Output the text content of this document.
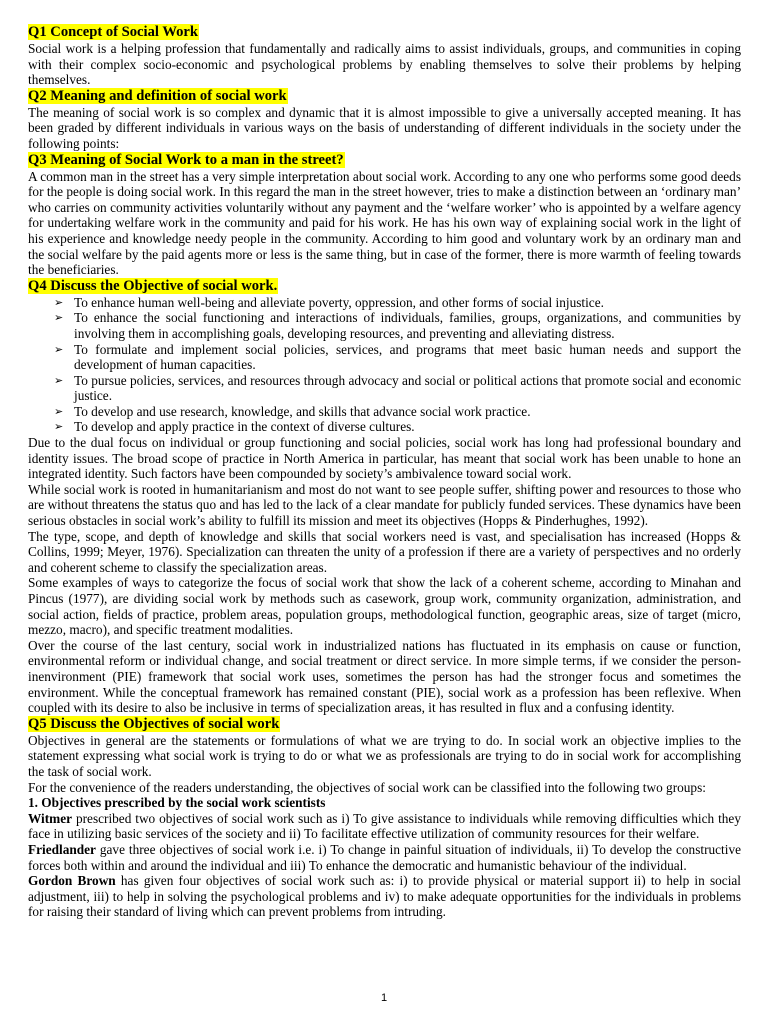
Q1 Concept of Social Work

Social work is a helping profession that fundamentally and radically aims to assist individuals, groups, and communities in coping with their complex socio-economic and psychological problems by enabling themselves to solve their problems by helping themselves.

Q2 Meaning and definition of social work

The meaning of social work is so complex and dynamic that it is almost impossible to give a universally accepted meaning. It has been graded by different individuals in various ways on the basis of understanding of different individuals in the society under the following points:

Q3 Meaning of Social Work to a man in the street?

A common man in the street has a very simple interpretation about social work. According to any one who performs some good deeds for the people is doing social work. In this regard the man in the street however, tries to make a distinction between an ‘ordinary man’ who carries on community activities voluntarily without any payment and the ‘welfare worker’ who is appointed by a welfare agency for undertaking welfare work in the community and paid for his work. He has his own way of explaining social work in the light of his experience and knowledge needy people in the community. According to him good and voluntary work by an ordinary man and the social welfare by the paid agents more or less is the same thing, but in case of the former, there is more warmth of feeling towards the beneficiaries.

Q4 Discuss the Objective of social work.
➢ To enhance human well-being and alleviate poverty, oppression, and other forms of social injustice.
➢ To enhance the social functioning and interactions of individuals, families, groups, organizations, and communities by involving them in accomplishing goals, developing resources, and preventing and alleviating distress.
➢ To formulate and implement social policies, services, and programs that meet basic human needs and support the development of human capacities.
➢ To pursue policies, services, and resources through advocacy and social or political actions that promote social and economic justice.
➢ To develop and use research, knowledge, and skills that advance social work practice.
➢ To develop and apply practice in the context of diverse cultures.

Due to the dual focus on individual or group functioning and social policies, social work has long had professional boundary and identity issues. The broad scope of practice in North America in particular, has meant that social work has been unable to hone an integrated identity. Such factors have been compounded by society’s ambivalence toward social work.

While social work is rooted in humanitarianism and most do not want to see people suffer, shifting power and resources to those who are without threatens the status quo and has led to the lack of a clear mandate for publicly funded services. These dynamics have been serious obstacles in social work’s ability to fulfill its mission and meet its objectives (Hopps & Pinderhughes, 1992).

The type, scope, and depth of knowledge and skills that social workers need is vast, and specialisation has increased (Hopps & Collins, 1999; Meyer, 1976). Specialization can threaten the unity of a profession if there are a variety of perspectives and no orderly and coherent scheme to classify the specialization areas.

Some examples of ways to categorize the focus of social work that show the lack of a coherent scheme, according to Minahan and Pincus (1977), are dividing social work by methods such as casework, group work, community organization, administration, and social action, fields of practice, problem areas, population groups, methodological function, geographic areas, size of target (micro, mezzo, macro), and specific treatment modalities.

Over the course of the last century, social work in industrialized nations has fluctuated in its emphasis on cause or function, environmental reform or individual change, and social treatment or direct service. In more simple terms, if we consider the person-inenvironment (PIE) framework that social work uses, sometimes the person has had the stronger focus and sometimes the environment. While the conceptual framework has remained constant (PIE), social work as a profession has been reflexive. When coupled with its desire to also be inclusive in terms of specialization areas, it has resulted in flux and a confusing identity.

Q5 Discuss the Objectives of social work

Objectives in general are the statements or formulations of what we are trying to do. In social work an objective implies to the statement expressing what social work is trying to do or what we as professionals are trying to do in social work for accomplishing the task of social work.

For the convenience of the readers understanding, the objectives of social work can be classified into the following two groups:

1. Objectives prescribed by the social work scientists

Witmer prescribed two objectives of social work such as i) To give assistance to individuals while removing difficulties which they face in utilizing basic services of the society and ii) To facilitate effective utilization of community resources for their welfare.

Friedlander gave three objectives of social work i.e. i) To change in painful situation of individuals, ii) To develop the constructive forces both within and around the individual and iii) To enhance the democratic and humanistic behaviour of the individual.

Gordon Brown has given four objectives of social work such as: i) to provide physical or material support ii) to help in social adjustment, iii) to help in solving the psychological problems and iv) to make adequate opportunities for the individuals in problems for raising their standard of living which can prevent problems from intruding.

1
